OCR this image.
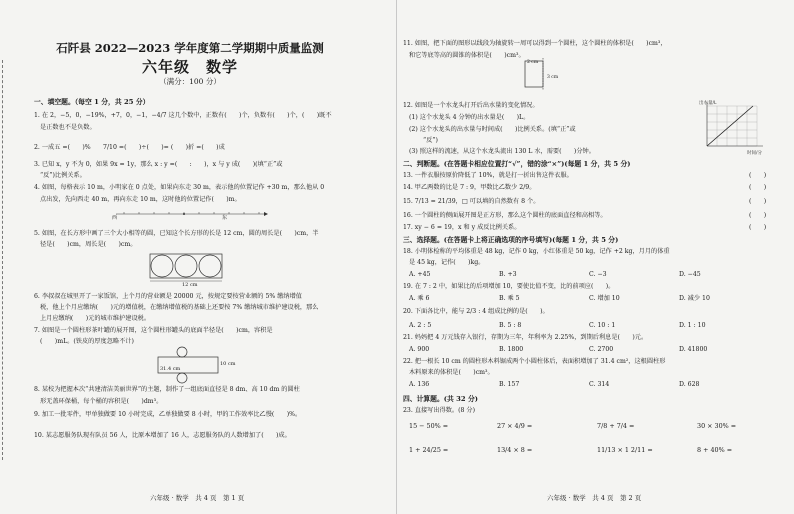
石阡县 2022—2023 学年度第二学期期中质量监测
六年级　数学
（满分：100 分）
一、填空题。（每空 1 分，共 25 分）
1. 在 2，−5，0，−19%，+7，0，−1，−4/7 这几个数中，正数有(　　)个，负数有(　　)个，(　　)既不
是正数也不是负数。
2. 一成五 =(　　)%　　7/10 =(　　)÷(　　)= (　　)折 =(　　)成
3. 已知 x，y 不为 0，如果 9x = 1y，那么 x : y =(　　:　　)，x 与 y 成(　　)(填“正”或
“反”)比例关系。
4. 如图，每格表示 10 m，小明家在 0 点处，如果向东走 30 m，表示他的位置记作 +30 m，那么他从 0
点出发，先向西走 40 m，再向东走 10 m，这时他的位置记作(　　)m。
西　　　　　　　　　　　　　　　　　　　　　东
5. 如图，在长方形中画了三个大小相等的圆，已知这个长方形的长是 12 cm，圆的周长是(　　)cm，半
径是(　　)cm，周长是(　　)cm。
12 cm
6. 李叔叔在城里开了一家饭馆，上个月的营业额是 20000 元，按规定要按营业额的 5% 缴纳增值
税，他上个月应缴纳(　　)元的增值税，在缴纳增值税的基础上还要按 7% 缴纳城市维护建设税，那么
上月应缴纳(　　)元的城市维护建设税。
7. 如图是一个圆柱形茶叶罐的展开图，这个圆柱形罐头的底面半径是(　　)cm，容积是
(　　)mL。(铁皮的厚度忽略不计)
31.4 cm
10 cm
8. 某校为把握本次“共建清洁美丽世界”的主题，制作了一组底面直径是 8 dm、高 10 dm 的圆柱
形无盖环保桶，每个桶的容积是(　　)dm³。
9. 加工一批零件，甲单独做要 10 小时完成，乙单独做要 8 小时，甲的工作效率比乙慢(　　)%。
10. 某志愿服务队现有队员 56 人，比原本增加了 16 人，志愿服务队的人数增加了(　　)成。
六年级 · 数学　共 4 页　第 1 页
11. 如图，把下面的图形以线段为轴旋转一周可以得到一个圆柱，这个圆柱的体积是(　　)cm³，
和它等底等高的圆锥的体积是(　　)cm³。
2 cm
3 cm
12. 如图是一个水龙头打开后出水量的变化情况。
(1) 这个水龙头 4 分钟的出水量是(　　)L。
(2) 这个水龙头的出水量与时间成(　　)比例关系。(填“正”或
“反”)
(3) 照这样的流速，从这个水龙头流出 130 L 水，需要(　　)分钟。
出水量/L
时间/分
二、判断题。(在答题卡相应位置打“√”，错的涂“×”)(每题 1 分，共 5 分)
13. 一件衣服按原价降低了 10%，就是打一折出售这件衣服。	(　　)
14. 甲乙两数的比是 7 : 9，甲数比乙数少 2/9。	(　　)
15. 7/13 = 21/39，□ 可以填的自然数有 8 个。	(　　)
16. 一个圆柱的侧面展开图是正方形，那么这个圆柱的底面直径和高相等。	(　　)
17. xy − 6 = 19，x 和 y 成反比例关系。	(　　)
三、选择题。(在答题卡上将正确选项的序号填写)(每题 1 分，共 5 分)
18. 小明体检称的平均体重是 48 kg，记作 0 kg，小红体重是 50 kg，记作 +2 kg，月月的体重
是 45 kg，记作(　　)kg。
A. +45	B. +3	C. −3	D. −45
19. 在 7 : 2 中，如果比的后项增加 10，要使比值不变，比的前项应(　　)。
A. 乘 6	B. 乘 5	C. 增加 10	D. 减少 10
20. 下面各比中，能与 2/3 : 4 组成比例的是(　　)。
A. 2 : 5	B. 5 : 8	C. 10 : 1	D. 1 : 10
21. 妈妈把 4 万元钱存入银行，存期为三年，年利率为 2.25%，到期后利息是(　　)元。
A. 900	B. 1800	C. 2700	D. 41800
22. 把一根长 10 cm 的圆柱形木料锯成两个小圆柱体后，表面积增加了 31.4 cm²，这根圆柱形
木料原来的体积是(　　)cm³。
A. 136	B. 157	C. 314	D. 628
四、计算题。(共 32 分)
23. 直接写出得数。(8 分)
15 − 50% =	27 × 4/9 =	7/8 + 7/4 =	30 × 30% =
1 + 24/25 =	13/4 × 8 =	11/13 × 1 2/11 =	8 + 40% =
六年级 · 数学　共 4 页　第 2 页
